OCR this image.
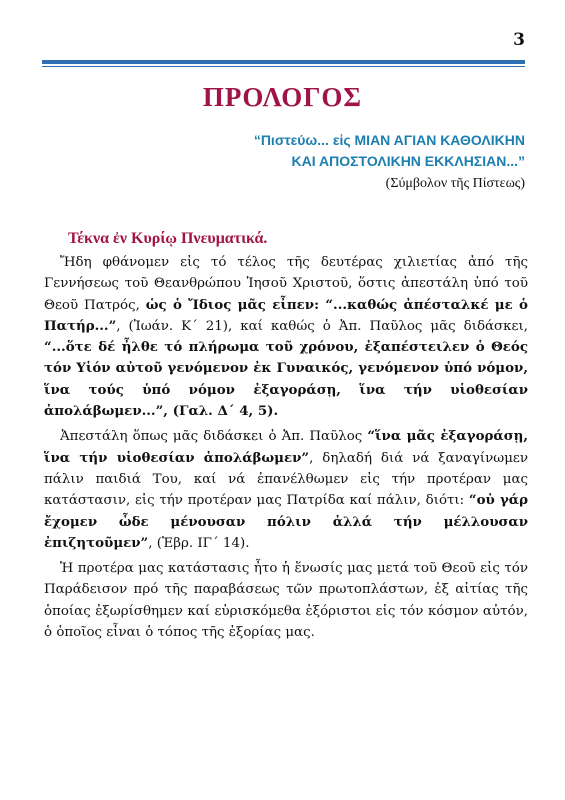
3
ΠΡΟΛΟΓΟΣ
“Πιστεύω... εἰς ΜΙΑΝ ΑΓΙΑΝ ΚΑΘΟΛΙΚΗΝ
ΚΑΙ ΑΠΟΣΤΟΛΙΚΗΝ ΕΚΚΛΗΣΙΑΝ...”
(Σύμβολον τῆς Πίστεως)
Τέκνα ἐν Κυρίῳ Πνευματικά.

Ἤδη φθάνομεν εἰς τό τέλος τῆς δευτέρας χιλιετίας ἀπό τῆς Γεννήσεως τοῦ Θεανθρώπου Ἰησοῦ Χριστοῦ, ὅστις ἀπεστάλη ὑπό τοῦ Θεοῦ Πατρός, ὡς ὁ Ἴδιος μᾶς εἶπεν: “...καθώς ἀπέσταλκέ με ὁ Πατήρ...”, (Ἰωάν. Κ΄ 21), καί καθώς ὁ Ἀπ. Παῦλος μᾶς διδάσκει, “...ὅτε δέ ἦλθε τό πλήρωμα τοῦ χρόνου, ἐξαπέστειλεν ὁ Θεός τόν Υἱόν αὐτοῦ γενόμενον ἐκ Γυναικός, γενόμενον ὑπό νόμον, ἵνα τούς ὑπό νόμον ἐξαγοράσῃ, ἵνα τήν υἱοθεσίαν ἀπολάβωμεν...”, (Γαλ. Δ΄ 4, 5).

Ἀπεστάλη ὅπως μᾶς διδάσκει ὁ Ἀπ. Παῦλος “ἵνα μᾶς ἐξαγοράσῃ, ἵνα τήν υἱοθεσίαν ἀπολάβωμεν”, δηλαδή διά νά ξαναγίνωμεν πάλιν παιδιά Του, καί νά ἐπανέλθωμεν εἰς τήν προτέραν μας κατάστασιν, εἰς τήν προτέραν μας Πατρίδα καί πάλιν, διότι: “οὐ γάρ ἔχομεν ὧδε μένουσαν πόλιν ἀλλά τήν μέλλουσαν ἐπιζητοῦμεν”, (Ἑβρ. ΙΓ΄ 14).

Ἡ προτέρα μας κατάστασις ἦτο ἡ ἕνωσίς μας μετά τοῦ Θεοῦ εἰς τόν Παράδεισον πρό τῆς παραβάσεως τῶν πρωτοπλάστων, ἐξ αἰτίας τῆς ὁποίας ἐξωρίσθημεν καί εὑρισκόμεθα ἐξόριστοι εἰς τόν κόσμον αὐτόν, ὁ ὁποῖος εἶναι ὁ τόπος τῆς ἐξορίας μας.
